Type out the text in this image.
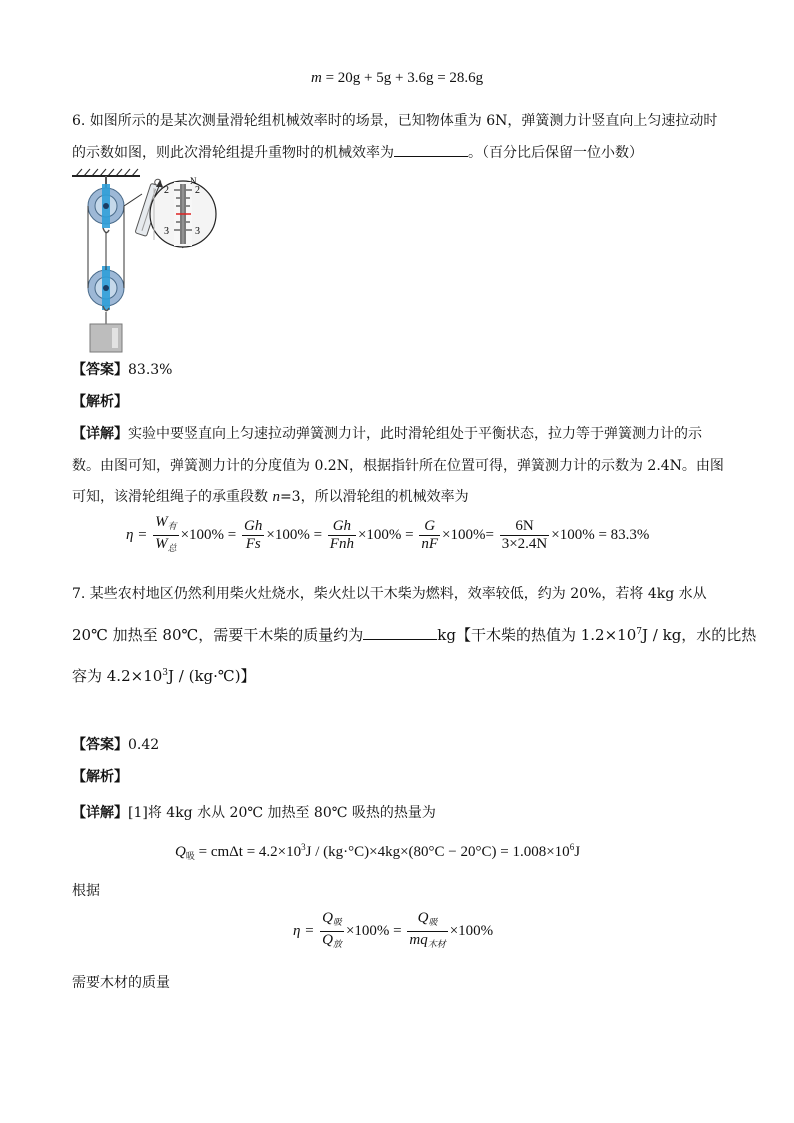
m = 20g + 5g + 3.6g = 28.6g
6. 如图所示的是某次测量滑轮组机械效率时的场景，已知物体重为 6N，弹簧测力计竖直向上匀速拉动时
的示数如图，则此次滑轮组提升重物时的机械效率为	。（百分比后保留一位小数）
N
2	2
3	3
【答案】83.3%
【解析】
【详解】实验中要竖直向上匀速拉动弹簧测力计，此时滑轮组处于平衡状态，拉力等于弹簧测力计的示
数。由图可知，弹簧测力计的分度值为 0.2N，根据指针所在位置可得，弹簧测力计的示数为 2.4N。由图
可知，该滑轮组绳子的承重段数 n=3，所以滑轮组的机械效率为
$\eta = \frac{W_有}{W_总} \times 100\% = \frac{Gh}{Fs} \times 100\% = \frac{Gh}{\text{Fnh}} \times 100\% = \frac{G}{nF} \times 100\%= \frac{6N}{3\times 2.4N} \times 100\% = 83.3\%$
7. 某些农村地区仍然利用柴火灶烧水，柴火灶以干木柴为燃料，效率较低，约为 20%，若将 4kg 水从
20℃ 加热至 80℃，需要干木柴的质量约为	kg【干木柴的热值为 $1.2\times 10^7J$ / kg，水的比热
容为 $4.2\times 10^3J$ / (kg·℃)】
【答案】0.42
【解析】
【详解】[1]将 4kg 水从 20℃ 加热至 80℃ 吸热的热量为
$Q_吸 = cm\Delta t = 4.2\times 10^3J / (kg\cdot^\circ C)\times 4kg\times(80^\circ C - 20^\circ C) = 1.008\times 10^6J$
根据
$\eta = \frac{Q_吸}{Q_放} \times 100\% = \frac{Q_吸}{mq_{木材}} \times 100\%$
需要木材的质量
